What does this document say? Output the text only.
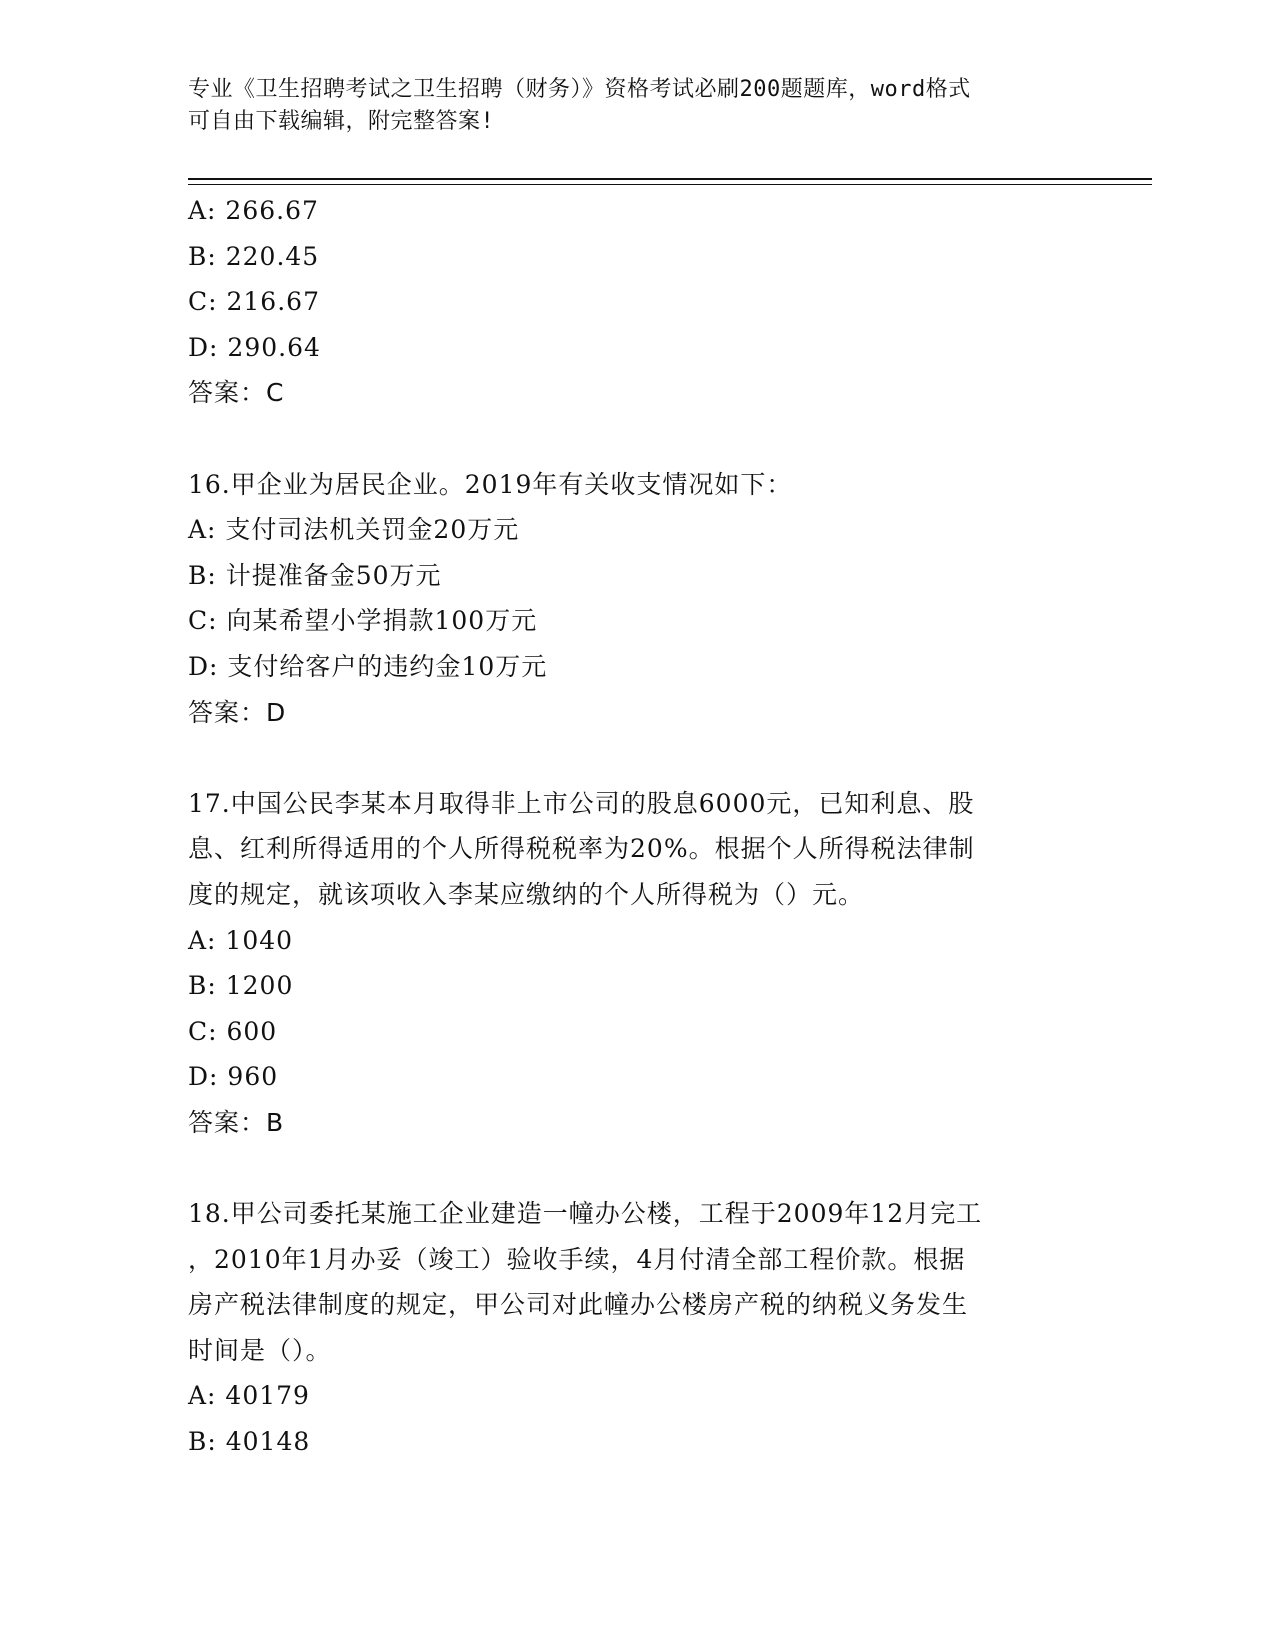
专业《卫生招聘考试之卫生招聘（财务）》资格考试必刷200题题库，word格式
可自由下载编辑，附完整答案!
A: 266.67
B: 220.45
C: 216.67
D: 290.64
答案：C
16.甲企业为居民企业。2019年有关收支情况如下：
A: 支付司法机关罚金20万元
B: 计提准备金50万元
C: 向某希望小学捐款100万元
D: 支付给客户的违约金10万元
答案：D
17.中国公民李某本月取得非上市公司的股息6000元，已知利息、股
息、红利所得适用的个人所得税税率为20%。根据个人所得税法律制
度的规定，就该项收入李某应缴纳的个人所得税为（）元。
A: 1040
B: 1200
C: 600
D: 960
答案：B
18.甲公司委托某施工企业建造一幢办公楼，工程于2009年12月完工
，2010年1月办妥（竣工）验收手续，4月付清全部工程价款。根据
房产税法律制度的规定，甲公司对此幢办公楼房产税的纳税义务发生
时间是（）。
A: 40179
B: 40148
